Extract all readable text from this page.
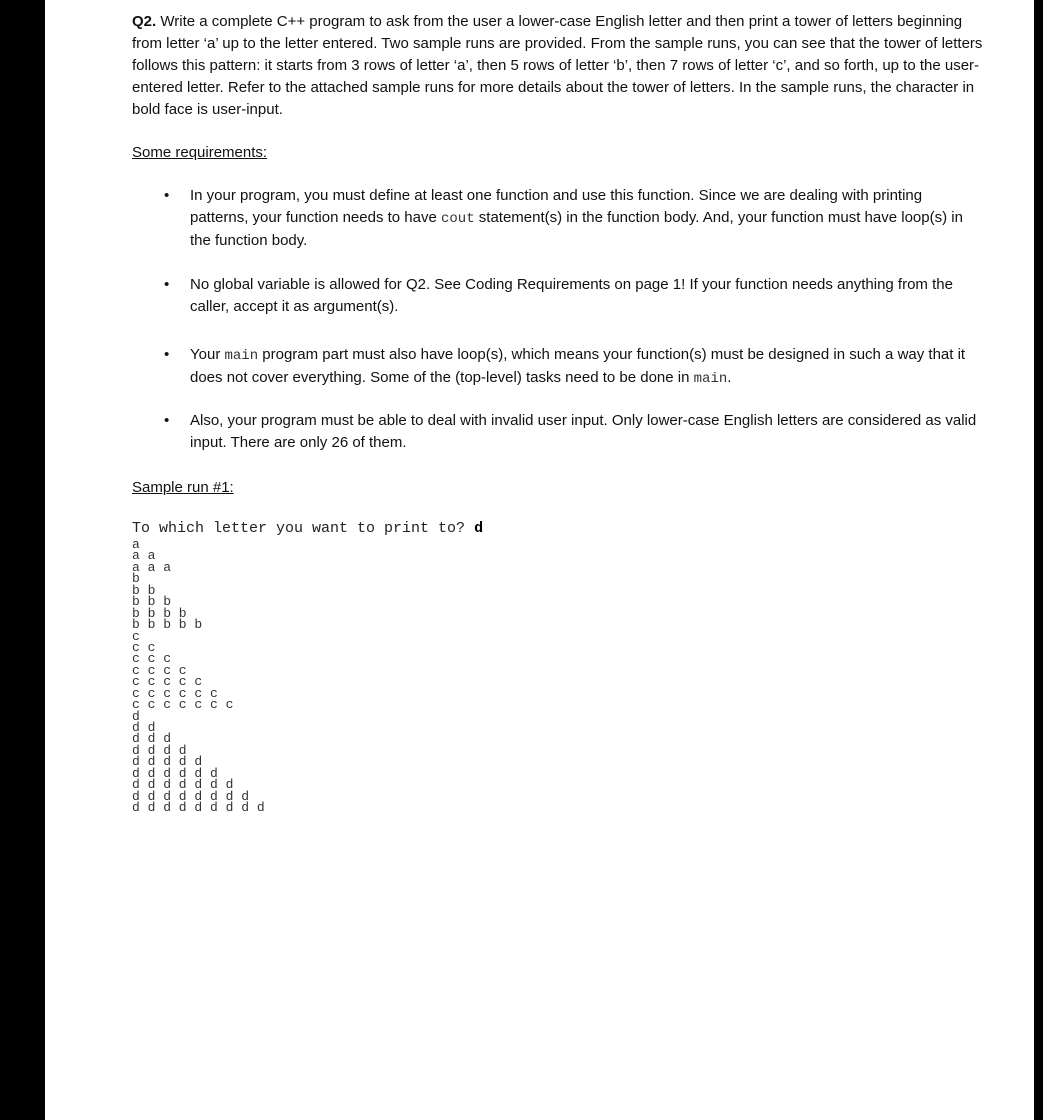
Q2. Write a complete C++ program to ask from the user a lower-case English letter and then print a tower of letters beginning from letter ‘a’ up to the letter entered. Two sample runs are provided. From the sample runs, you can see that the tower of letters follows this pattern: it starts from 3 rows of letter ‘a’, then 5 rows of letter ‘b’, then 7 rows of letter ‘c’, and so forth, up to the user-entered letter. Refer to the attached sample runs for more details about the tower of letters. In the sample runs, the character in bold face is user-input.

Some requirements:

• In your program, you must define at least one function and use this function. Since we are dealing with printing patterns, your function needs to have cout statement(s) in the function body. And, your function must have loop(s) in the function body.

• No global variable is allowed for Q2. See Coding Requirements on page 1! If your function needs anything from the caller, accept it as argument(s).

• Your main program part must also have loop(s), which means your function(s) must be designed in such a way that it does not cover everything. Some of the (top-level) tasks need to be done in main.

• Also, your program must be able to deal with invalid user input. Only lower-case English letters are considered as valid input. There are only 26 of them.

Sample run #1:

To which letter you want to print to? d
a
a a
a a a
b
b b
b b b
b b b b
b b b b b
c
c c
c c c
c c c c
c c c c c
c c c c c c
c c c c c c c
d
d d
d d d
d d d d
d d d d d
d d d d d d
d d d d d d d
d d d d d d d d
d d d d d d d d d
